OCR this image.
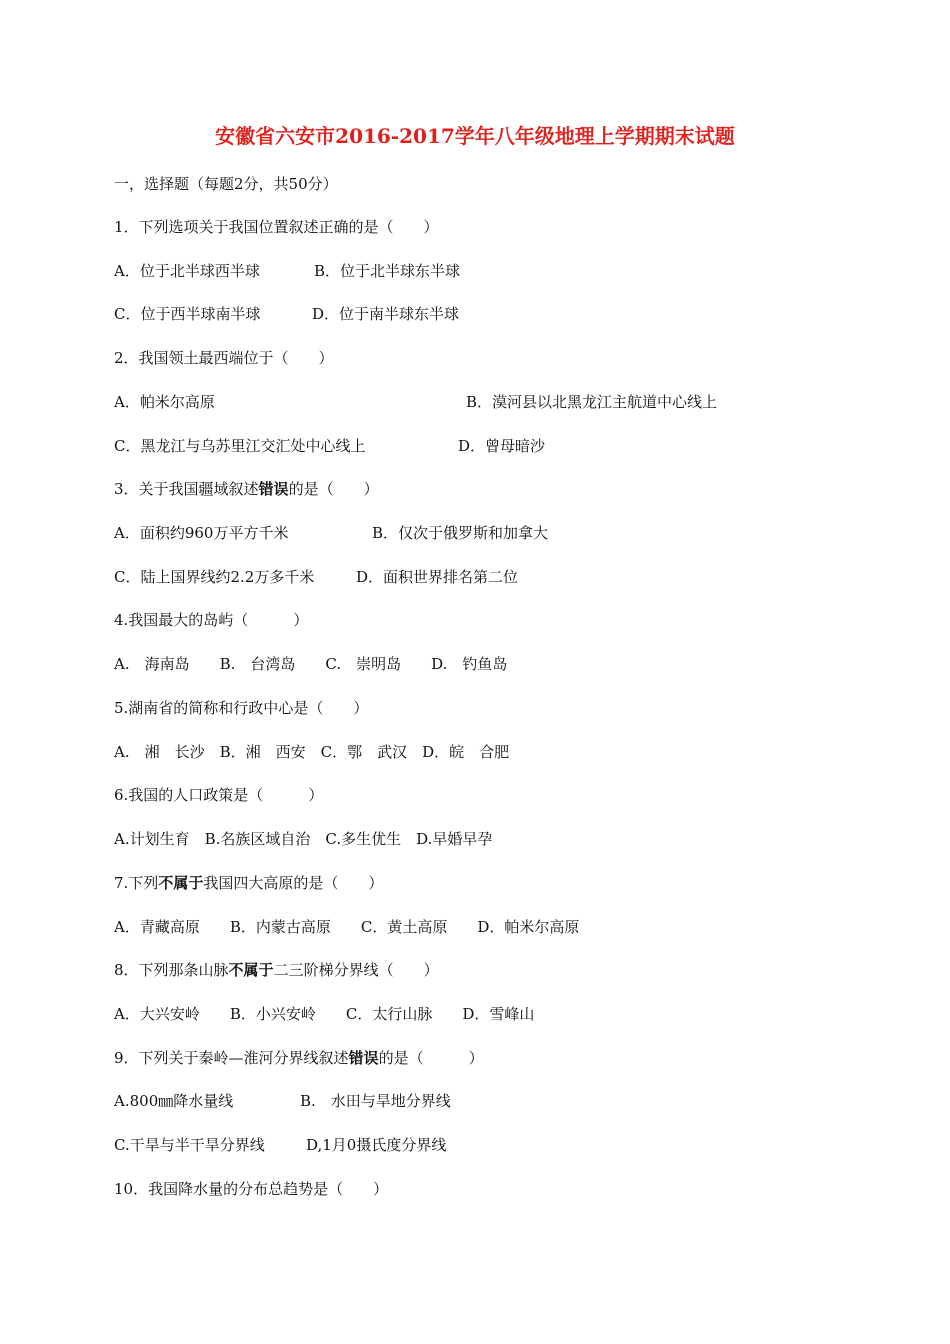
安徽省六安市2016-2017学年八年级地理上学期期末试题
一，选择题（每题2分，共50分）
1．下列选项关于我国位置叙述正确的是（　　）
A．位于北半球西半球	B．位于北半球东半球
C．位于西半球南半球	D．位于南半球东半球
2．我国领土最西端位于（　　）
A．帕米尔高原	B．漠河县以北黑龙江主航道中心线上
C．黑龙江与乌苏里江交汇处中心线上	D．曾母暗沙
3．关于我国疆域叙述错误的是（　　）
A．面积约960万平方千米	B．仅次于俄罗斯和加拿大
C．陆上国界线约2.2万多千米	D．面积世界排名第二位
4.我国最大的岛屿（　　　）
A.　海南岛　　B.　台湾岛　　C.　崇明岛　　D.　钓鱼岛
5.湖南省的简称和行政中心是（　　）
A.　湘　长沙　B．湘　西安　C．鄂　武汉　D．皖　合肥
6.我国的人口政策是（　　　）
A.计划生育　B.名族区域自治　C.多生优生　D.早婚早孕
7.下列不属于我国四大高原的是（　　）
A．青藏高原　　B．内蒙古高原　　C．黄土高原　　D．帕米尔高原
8．下列那条山脉不属于二三阶梯分界线（　　）
A．大兴安岭　　B．小兴安岭　　C．太行山脉　　D．雪峰山
9．下列关于秦岭—淮河分界线叙述错误的是（　　　）
A.800㎜降水量线	B.　水田与旱地分界线
C.干旱与半干旱分界线	D,1月0摄氏度分界线
10．我国降水量的分布总趋势是（　　）
